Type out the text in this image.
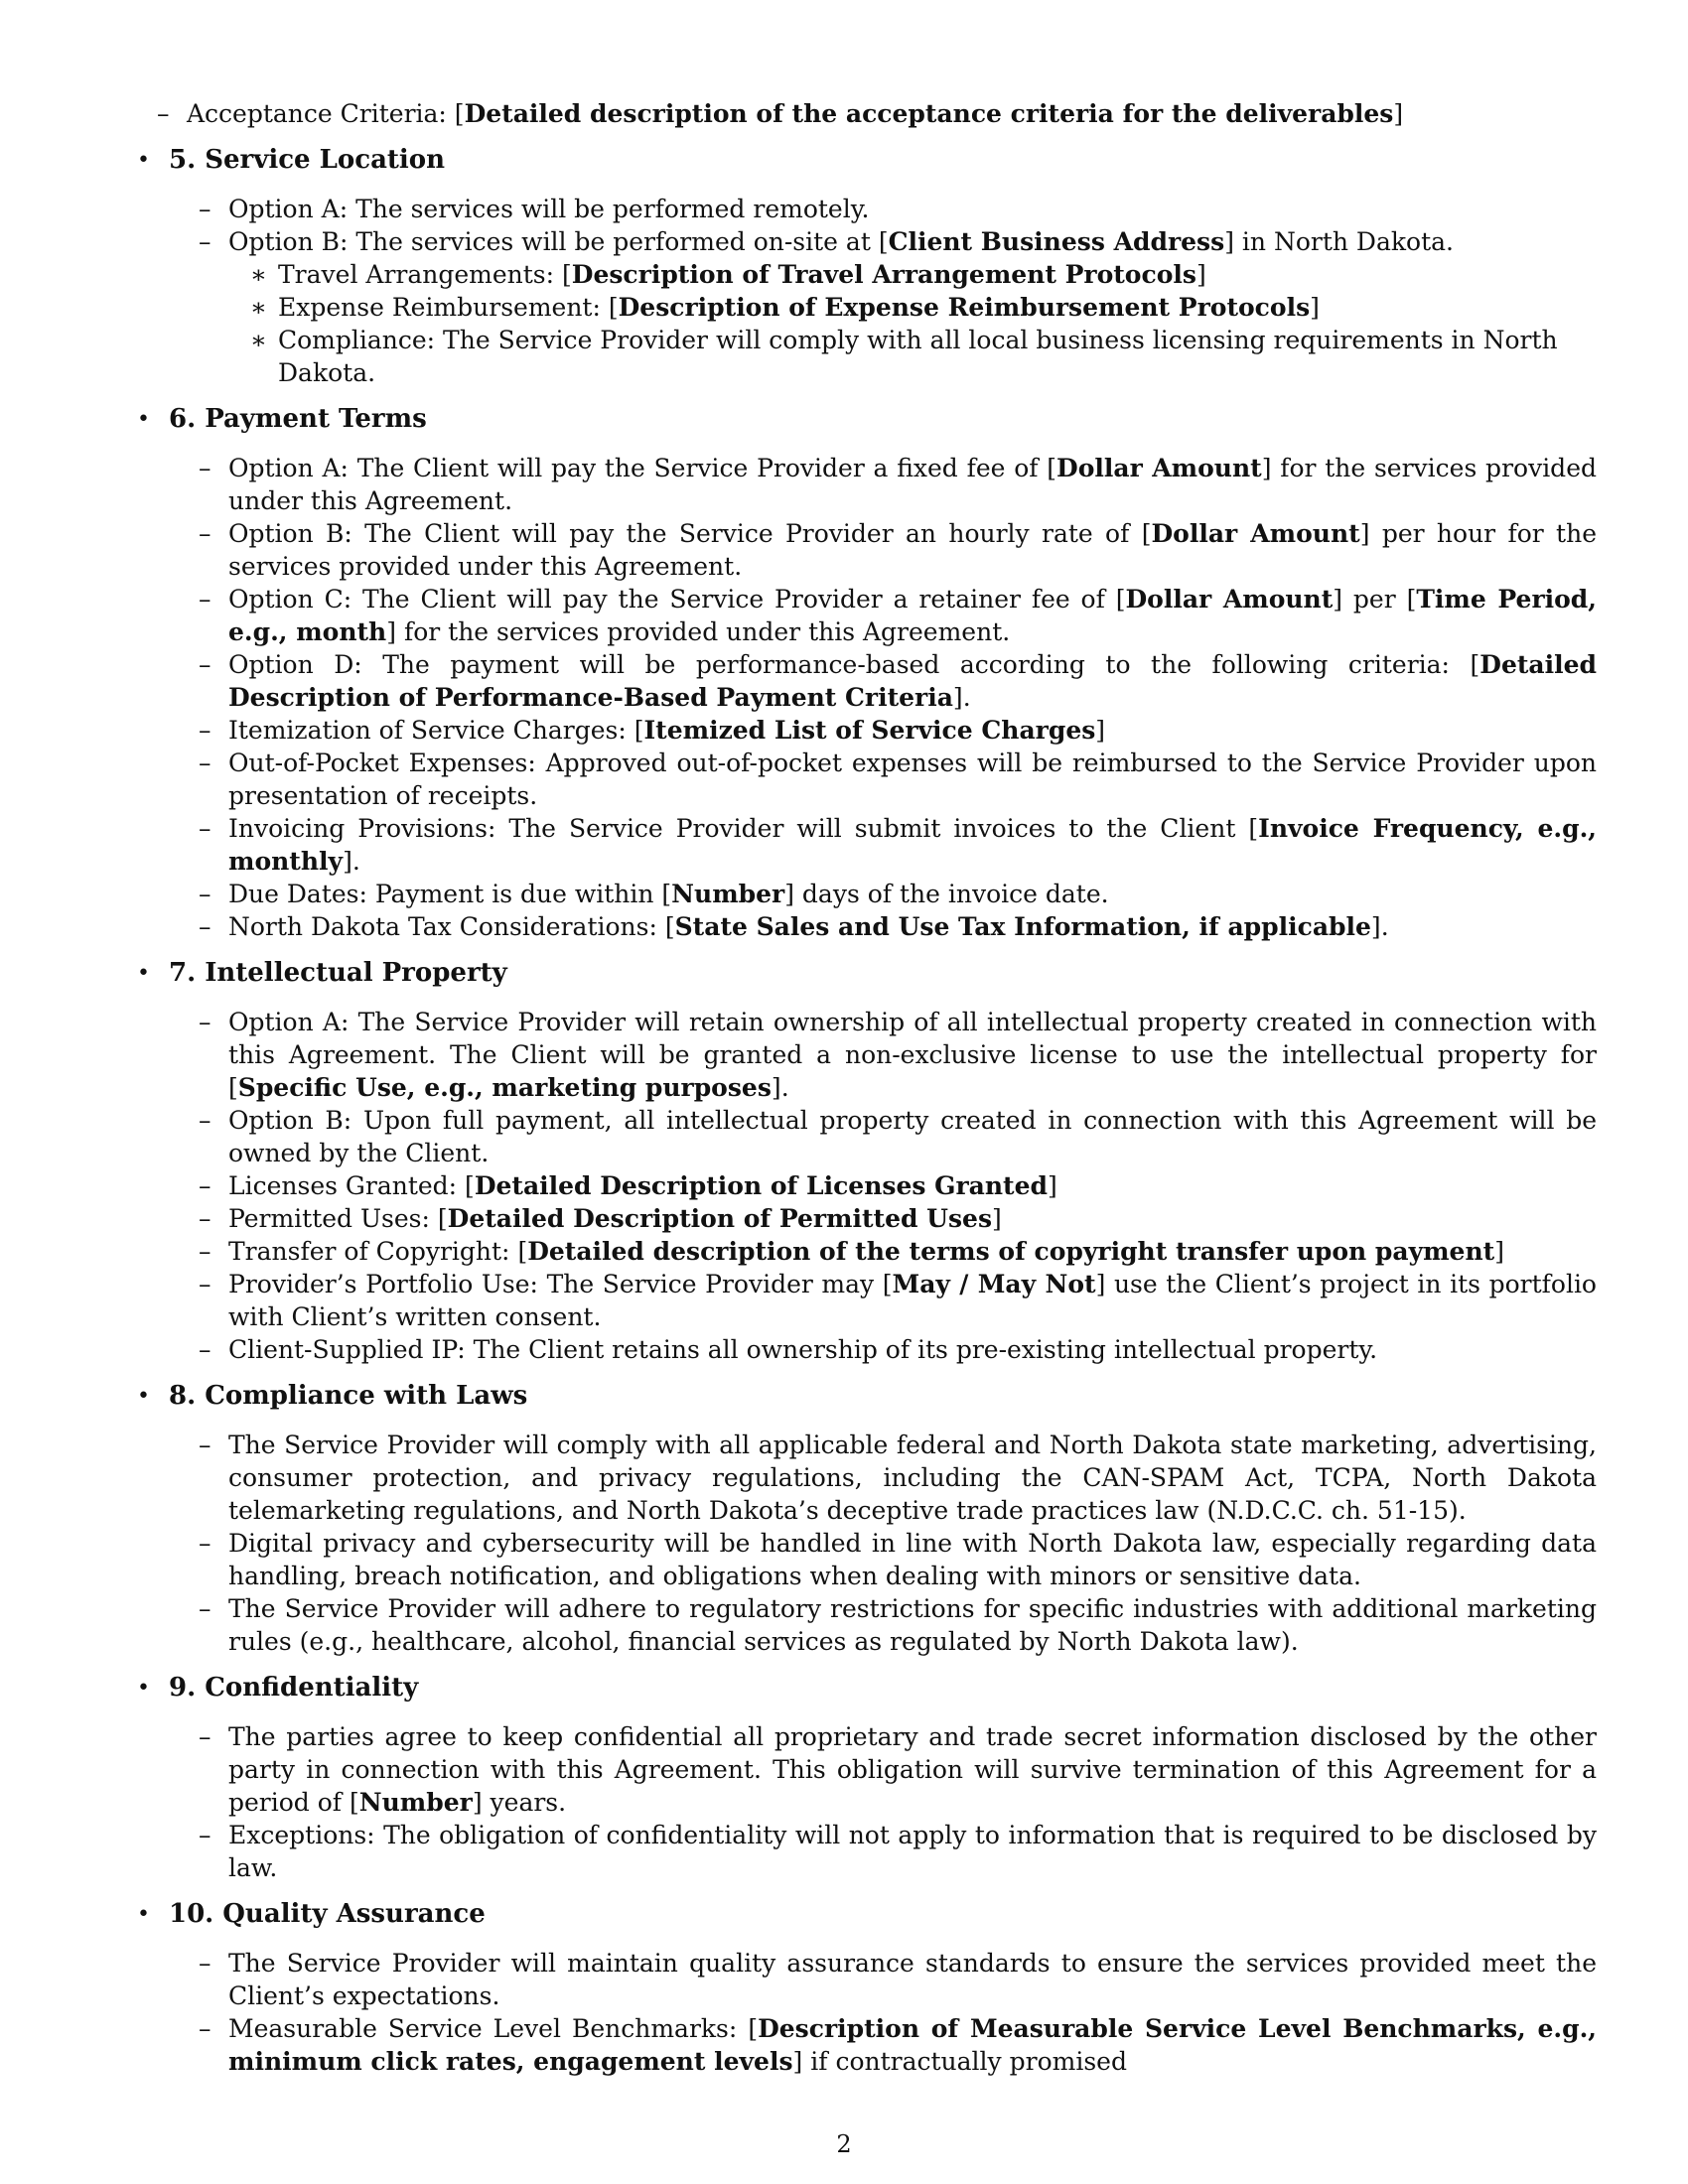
– Acceptance Criteria: [Detailed description of the acceptance criteria for the deliverables]
• 5. Service Location
– Option A: The services will be performed remotely.
– Option B: The services will be performed on-site at [Client Business Address] in North Dakota.
∗ Travel Arrangements: [Description of Travel Arrangement Protocols]
∗ Expense Reimbursement: [Description of Expense Reimbursement Protocols]
∗ Compliance: The Service Provider will comply with all local business licensing requirements in North Dakota.
• 6. Payment Terms
– Option A: The Client will pay the Service Provider a fixed fee of [Dollar Amount] for the services provided under this Agreement.
– Option B: The Client will pay the Service Provider an hourly rate of [Dollar Amount] per hour for the services provided under this Agreement.
– Option C: The Client will pay the Service Provider a retainer fee of [Dollar Amount] per [Time Period, e.g., month] for the services provided under this Agreement.
– Option D: The payment will be performance-based according to the following criteria: [Detailed Description of Performance-Based Payment Criteria].
– Itemization of Service Charges: [Itemized List of Service Charges]
– Out-of-Pocket Expenses: Approved out-of-pocket expenses will be reimbursed to the Service Provider upon presentation of receipts.
– Invoicing Provisions: The Service Provider will submit invoices to the Client [Invoice Frequency, e.g., monthly].
– Due Dates: Payment is due within [Number] days of the invoice date.
– North Dakota Tax Considerations: [State Sales and Use Tax Information, if applicable].
• 7. Intellectual Property
– Option A: The Service Provider will retain ownership of all intellectual property created in connection with this Agreement. The Client will be granted a non-exclusive license to use the intellectual property for [Specific Use, e.g., marketing purposes].
– Option B: Upon full payment, all intellectual property created in connection with this Agreement will be owned by the Client.
– Licenses Granted: [Detailed Description of Licenses Granted]
– Permitted Uses: [Detailed Description of Permitted Uses]
– Transfer of Copyright: [Detailed description of the terms of copyright transfer upon payment]
– Provider’s Portfolio Use: The Service Provider may [May / May Not] use the Client’s project in its portfolio with Client’s written consent.
– Client-Supplied IP: The Client retains all ownership of its pre-existing intellectual property.
• 8. Compliance with Laws
– The Service Provider will comply with all applicable federal and North Dakota state marketing, advertising, consumer protection, and privacy regulations, including the CAN-SPAM Act, TCPA, North Dakota telemarketing regulations, and North Dakota’s deceptive trade practices law (N.D.C.C. ch. 51-15).
– Digital privacy and cybersecurity will be handled in line with North Dakota law, especially regarding data handling, breach notification, and obligations when dealing with minors or sensitive data.
– The Service Provider will adhere to regulatory restrictions for specific industries with additional marketing rules (e.g., healthcare, alcohol, financial services as regulated by North Dakota law).
• 9. Confidentiality
– The parties agree to keep confidential all proprietary and trade secret information disclosed by the other party in connection with this Agreement. This obligation will survive termination of this Agreement for a period of [Number] years.
– Exceptions: The obligation of confidentiality will not apply to information that is required to be disclosed by law.
• 10. Quality Assurance
– The Service Provider will maintain quality assurance standards to ensure the services provided meet the Client’s expectations.
– Measurable Service Level Benchmarks: [Description of Measurable Service Level Benchmarks, e.g., minimum click rates, engagement levels] if contractually promised
2
